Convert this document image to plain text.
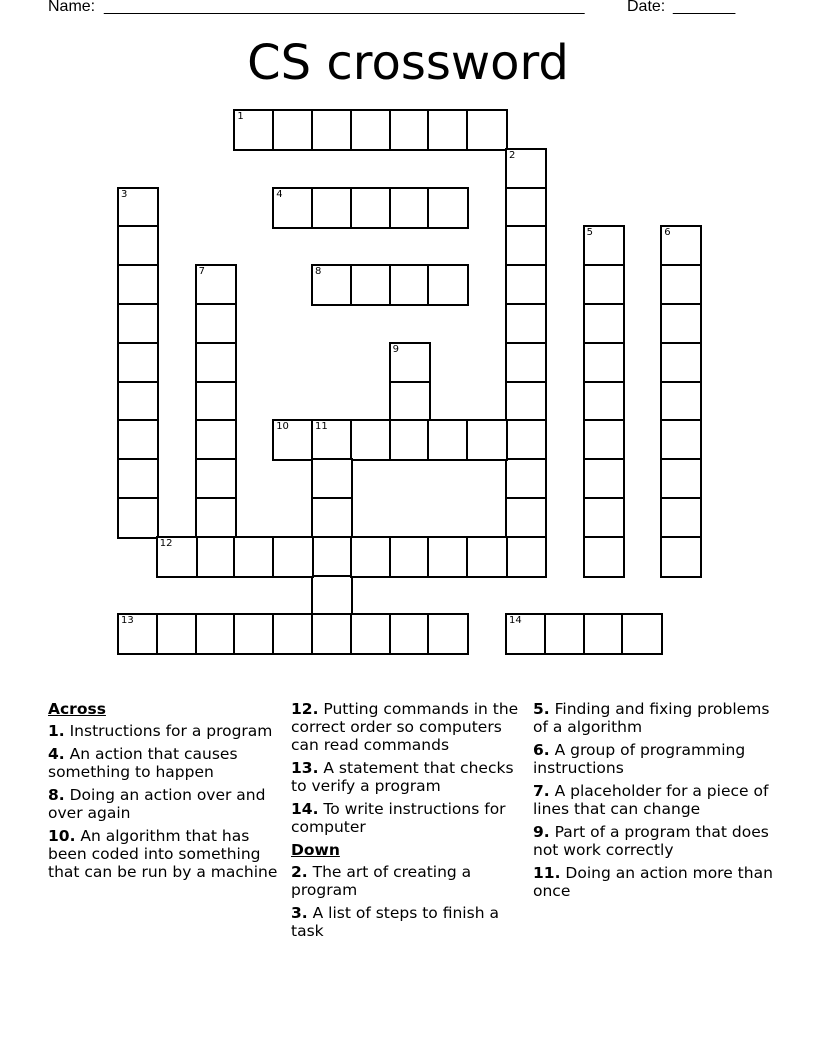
Name: ______________________________________________________	Date: _______
CS crossword
1
2
3	4
5	6
7	8
9
10	11
12
13	14
Across
1. Instructions for a program
4. An action that causes something to happen
8. Doing an action over and over again
10. An algorithm that has been coded into something that can be run by a machine
12. Putting commands in the correct order so computers can read commands
13. A statement that checks to verify a program
14. To write instructions for computer
Down
2. The art of creating a program
3. A list of steps to finish a task
5. Finding and fixing problems of a algorithm
6. A group of programming instructions
7. A placeholder for a piece of lines that can change
9. Part of a program that does not work correctly
11. Doing an action more than once
